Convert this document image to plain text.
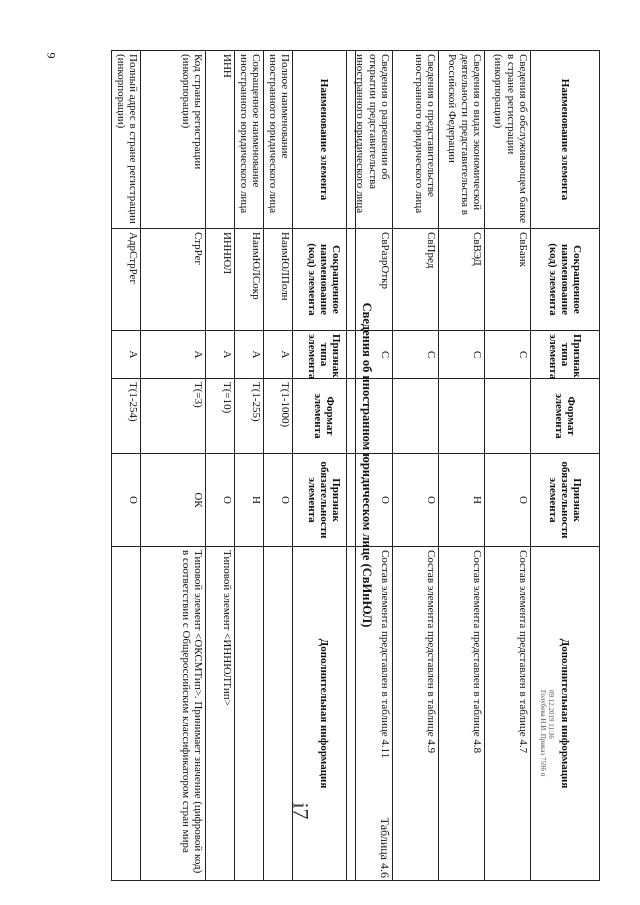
9
Наименование элемента	Сокращенное наименование (код) элемента	Признак типа элемента	Формат элемента	Признак обязательности элемента	Дополнительная информация
Сведения об обслуживающем банке в стране регистрации (инкорпорации)	СвБанк	С		О	Состав элемента представлен в таблице 4.7
Сведения о видах экономической деятельности представительства в Российской Федерации	СвВЭД	С		Н	Состав элемента представлен в таблице 4.8
Сведения о представительстве иностранного юридического лица	СвПред	С		О	Состав элемента представлен в таблице 4.9
Сведения о разрешении об открытии представительства иностранного юридического лица	СвРазрОткр	С		О	Состав элемента представлен в таблице 4.11
Таблица 4.6
Сведения об иностранном юридическом лице (СвИнЮЛ)
Наименование элемента	Сокращенное наименование (код) элемента	Признак типа элемента	Формат элемента	Признак обязательности элемента	Дополнительная информация
Полное наименование иностранного юридического лица	НаимЮЛПолн	А	T(1-1000)	О	
Сокращенное наименование иностранного юридического лица	НаимЮЛСокр	А	T(1-255)	Н	
ИНН	ИННЮЛ	А	T(=10)	О	Типовой элемент <ИННЮЛТип>
Код страны регистрации (инкорпорации)	СтрРег	А	T(=3)	ОК	Типовой элемент <ОКСМТип>. Принимает значение (цифровой код) в соответствии с Общероссийским классификатором стран мира
Полный адрес в стране регистрации (инкорпорации)	АдрСтрРег	А	T(1-254)	О	
i7
09.12.2019 11:36
Голубева Н.И. Приказ 7596 п
